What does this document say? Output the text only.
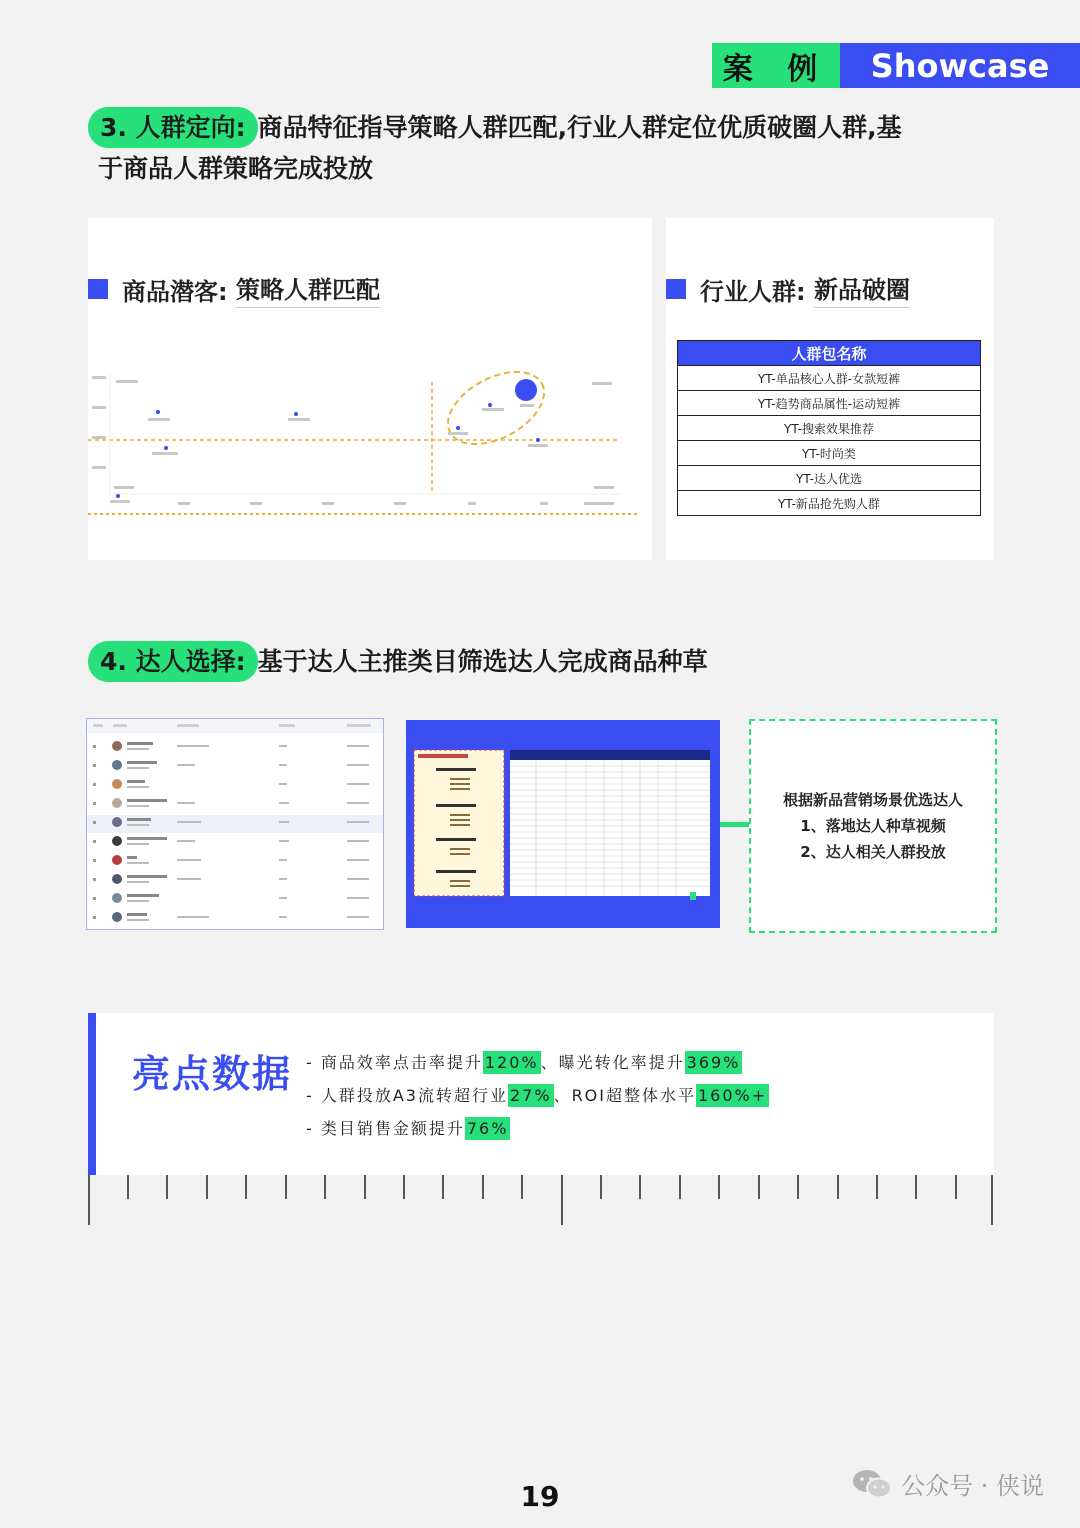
案 例	Showcase
3. 人群定向: 商品特征指导策略人群匹配,行业人群定位优质破圈人群,基
于商品人群策略完成投放
商品潜客:
策略人群匹配	行业人群:
新品破圈
人群包名称
YT-单品核心人群-女款短裤
YT-趋势商品属性-运动短裤
YT-搜索效果推荐
YT-时尚类
YT-达人优选
YT-新品抢先购人群
4. 达人选择: 基于达人主推类目筛选达人完成商品种草
根据新品营销场景优选达人
1、落地达人种草视频
2、达人相关人群投放
亮点数据 - 商品效率点击率提升 120% 、曝光转化率提升 369%
- 人群投放A3流转超行业 27% 、ROI超整体水平 160%+
- 类目销售金额提升 76%
19	公众号 · 侠说
